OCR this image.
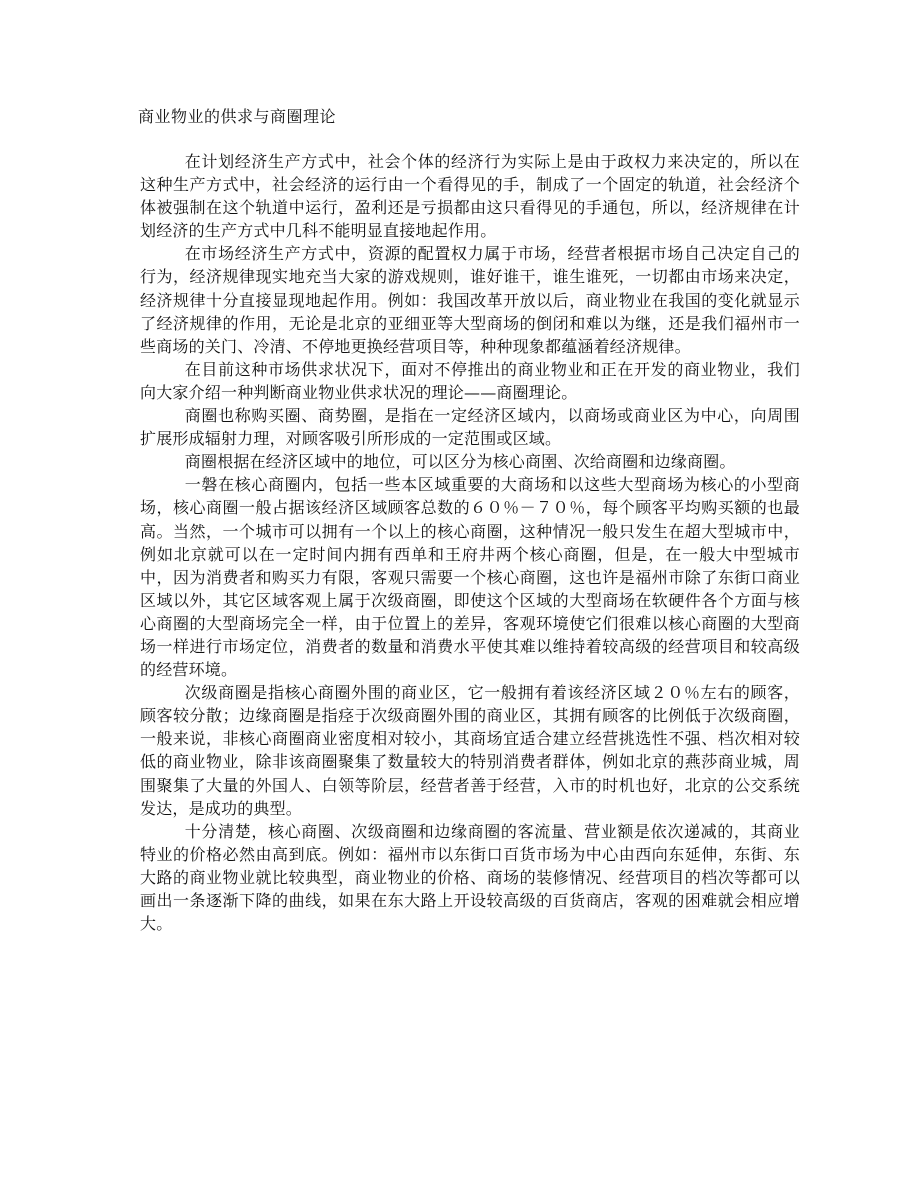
商业物业的供求与商圈理论

在计划经济生产方式中，社会个体的经济行为实际上是由于政权力来决定的，所以在这种生产方式中，社会经济的运行由一个看得见的手，制成了一个固定的轨道，社会经济个体被强制在这个轨道中运行，盈利还是亏损都由这只看得见的手通包，所以，经济规律在计划经济的生产方式中几科不能明显直接地起作用。

在市场经济生产方式中，资源的配置权力属于市场，经营者根据市场自己决定自己的行为，经济规律现实地充当大家的游戏规则，谁好谁干，谁生谁死，一切都由市场来决定，经济规律十分直接显现地起作用。例如：我国改革开放以后，商业物业在我国的变化就显示了经济规律的作用，无论是北京的亚细亚等大型商场的倒闭和难以为继，还是我们福州市一些商场的关门、冷清、不停地更换经营项目等，种种现象都蕴涵着经济规律。

在目前这种市场供求状况下，面对不停推出的商业物业和正在开发的商业物业，我们向大家介绍一种判断商业物业供求状况的理论——商圈理论。

商圈也称购买圈、商势圈，是指在一定经济区域内，以商场或商业区为中心，向周围扩展形成辐射力理，对顾客吸引所形成的一定范围或区域。

商圈根据在经济区域中的地位，可以区分为核心商圉、次给商圈和边缘商圈。

一磐在核心商圈内，包括一些本区域重要的大商场和以这些大型商场为核心的小型商场，核心商圈一般占据该经济区域顾客总数的６０％－７０％，每个顾客平均购买额的也最高。当然，一个城市可以拥有一个以上的核心商圈，这种情况一般只发生在超大型城市中，例如北京就可以在一定时间内拥有西单和王府井两个核心商圈，但是，在一般大中型城市中，因为消费者和购买力有限，客观只需要一个核心商圈，这也许是福州市除了东街口商业区域以外，其它区域客观上属于次级商圈，即使这个区域的大型商场在软硬件各个方面与核心商圈的大型商场完全一样，由于位置上的差异，客观环境使它们很难以核心商圈的大型商场一样进行市场定位，消费者的数量和消费水平使其难以维持着较高级的经营项目和较高级的经营环境。

次级商圈是指核心商圈外围的商业区，它一般拥有着该经济区域２０％左右的顾客，顾客较分散；边缘商圈是指痉于次级商圈外围的商业区，其拥有顾客的比例低于次级商圈，一般来说，非核心商圈商业密度相对较小，其商场宜适合建立经营挑选性不强、档次相对较低的商业物业，除非该商圈聚集了数量较大的特别消费者群体，例如北京的燕莎商业城，周围聚集了大量的外国人、白领等阶层，经营者善于经营，入市的时机也好，北京的公交系统发达，是成功的典型。

十分清楚，核心商圈、次级商圈和边缘商圈的客流量、营业额是依次递减的，其商业特业的价格必然由高到底。例如：福州市以东街口百货市场为中心由西向东延伸，东街、东大路的商业物业就比较典型，商业物业的价格、商场的装修情况、经营项目的档次等都可以画出一条逐渐下降的曲线，如果在东大路上开设较高级的百货商店，客观的困难就会相应增大。
